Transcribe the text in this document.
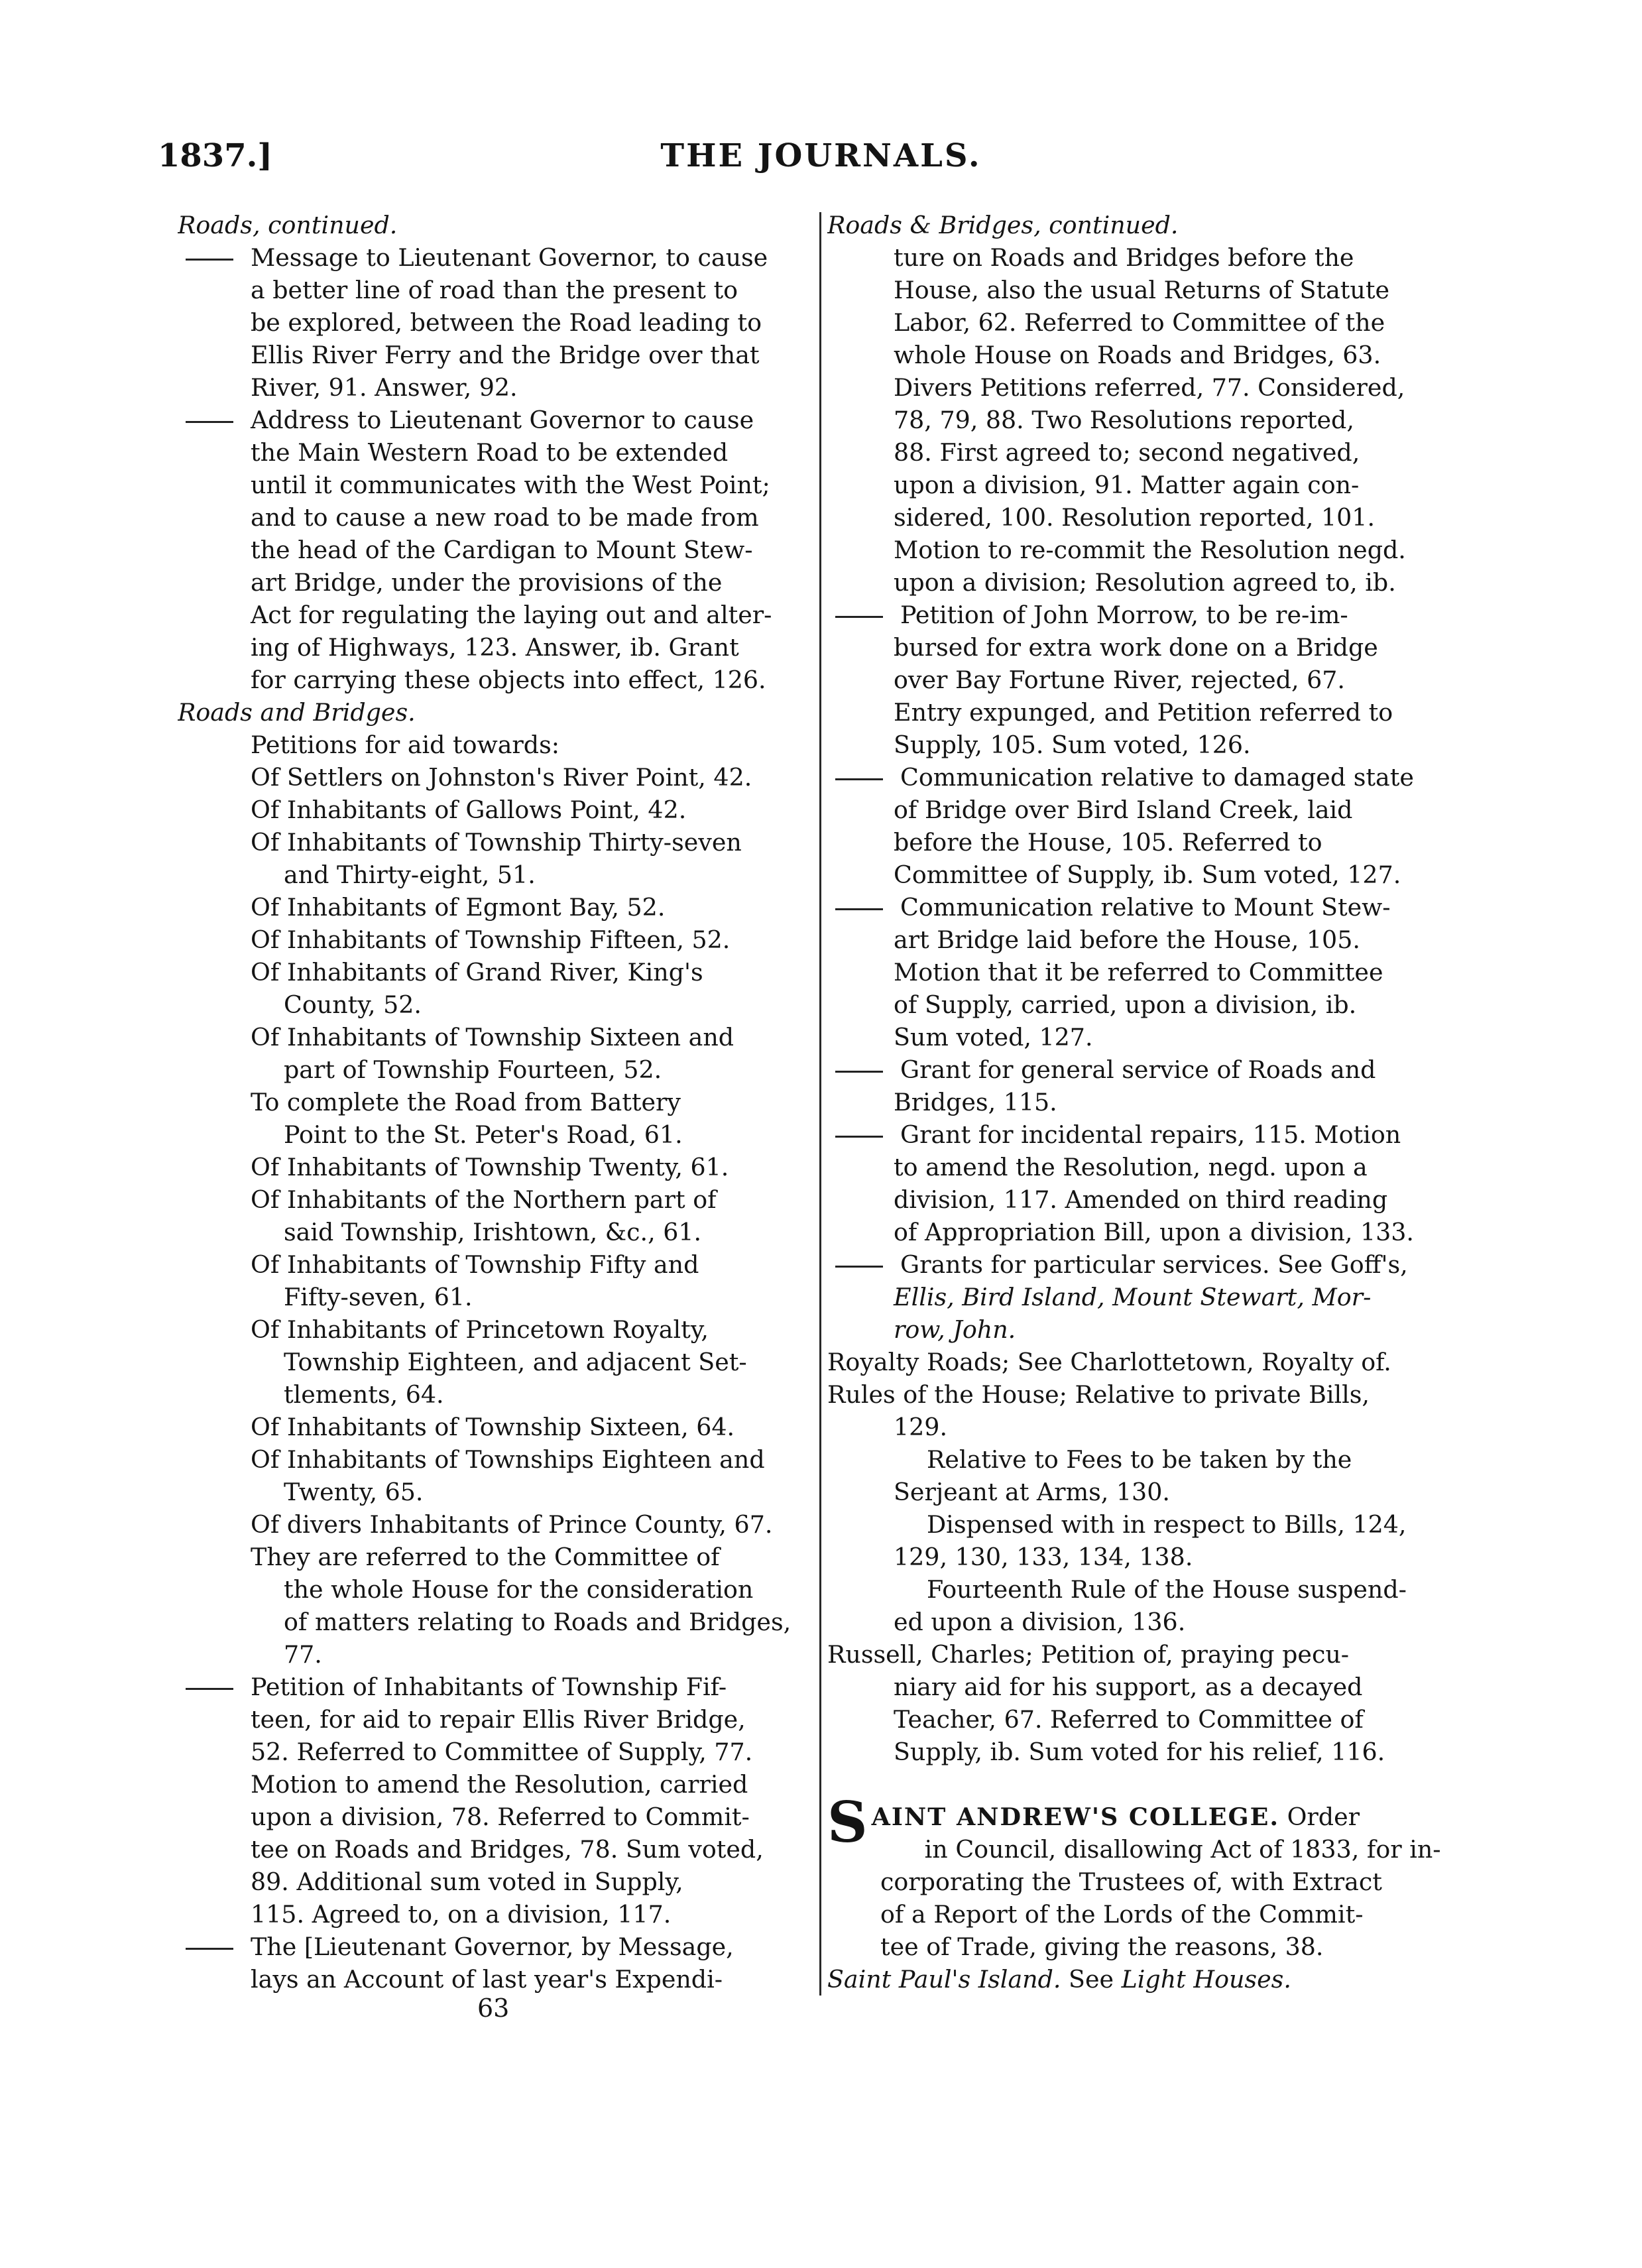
1837.]	THE JOURNALS.
Roads, continued.
Message to Lieutenant Governor, to cause
a better line of road than the present to
be explored, between the Road leading to
Ellis River Ferry and the Bridge over that
River, 91. Answer, 92.
Address to Lieutenant Governor to cause
the Main Western Road to be extended
until it communicates with the West Point;
and to cause a new road to be made from
the head of the Cardigan to Mount Stew-
art Bridge, under the provisions of the
Act for regulating the laying out and alter-
ing of Highways, 123. Answer, ib. Grant
for carrying these objects into effect, 126.
Roads and Bridges.
Petitions for aid towards:
Of Settlers on Johnston's River Point, 42.
Of Inhabitants of Gallows Point, 42.
Of Inhabitants of Township Thirty-seven
and Thirty-eight, 51.
Of Inhabitants of Egmont Bay, 52.
Of Inhabitants of Township Fifteen, 52.
Of Inhabitants of Grand River, King's
County, 52.
Of Inhabitants of Township Sixteen and
part of Township Fourteen, 52.
To complete the Road from Battery
Point to the St. Peter's Road, 61.
Of Inhabitants of Township Twenty, 61.
Of Inhabitants of the Northern part of
said Township, Irishtown, &c., 61.
Of Inhabitants of Township Fifty and
Fifty-seven, 61.
Of Inhabitants of Princetown Royalty,
Township Eighteen, and adjacent Set-
tlements, 64.
Of Inhabitants of Township Sixteen, 64.
Of Inhabitants of Townships Eighteen and
Twenty, 65.
Of divers Inhabitants of Prince County, 67.
They are referred to the Committee of
the whole House for the consideration
of matters relating to Roads and Bridges,
77.
Petition of Inhabitants of Township Fif-
teen, for aid to repair Ellis River Bridge,
52. Referred to Committee of Supply, 77.
Motion to amend the Resolution, carried
upon a division, 78. Referred to Commit-
tee on Roads and Bridges, 78. Sum voted,
89. Additional sum voted in Supply,
115. Agreed to, on a division, 117.
The [Lieutenant Governor, by Message,
lays an Account of last year's Expendi-
Roads & Bridges, continued.
ture on Roads and Bridges before the
House, also the usual Returns of Statute
Labor, 62. Referred to Committee of the
whole House on Roads and Bridges, 63.
Divers Petitions referred, 77. Considered,
78, 79, 88. Two Resolutions reported,
88. First agreed to; second negatived,
upon a division, 91. Matter again con-
sidered, 100. Resolution reported, 101.
Motion to re-commit the Resolution negd.
upon a division; Resolution agreed to, ib.
Petition of John Morrow, to be re-im-
bursed for extra work done on a Bridge
over Bay Fortune River, rejected, 67.
Entry expunged, and Petition referred to
Supply, 105. Sum voted, 126.
Communication relative to damaged state
of Bridge over Bird Island Creek, laid
before the House, 105. Referred to
Committee of Supply, ib. Sum voted, 127.
Communication relative to Mount Stew-
art Bridge laid before the House, 105.
Motion that it be referred to Committee
of Supply, carried, upon a division, ib.
Sum voted, 127.
Grant for general service of Roads and
Bridges, 115.
Grant for incidental repairs, 115. Motion
to amend the Resolution, negd. upon a
division, 117. Amended on third reading
of Appropriation Bill, upon a division, 133.
Grants for particular services. See Goff's,
Ellis, Bird Island, Mount Stewart, Mor-
row, John.
Royalty Roads; See Charlottetown, Royalty of.
Rules of the House; Relative to private Bills,
129.
Relative to Fees to be taken by the
Serjeant at Arms, 130.
Dispensed with in respect to Bills, 124,
129, 130, 133, 134, 138.
Fourteenth Rule of the House suspend-
ed upon a division, 136.
Russell, Charles; Petition of, praying pecu-
niary aid for his support, as a decayed
Teacher, 67. Referred to Committee of
Supply, ib. Sum voted for his relief, 116.
S AINT ANDREW'S COLLEGE. Order
in Council, disallowing Act of 1833, for in-
corporating the Trustees of, with Extract
of a Report of the Lords of the Commit-
tee of Trade, giving the reasons, 38.
Saint Paul's Island. See Light Houses.
63
